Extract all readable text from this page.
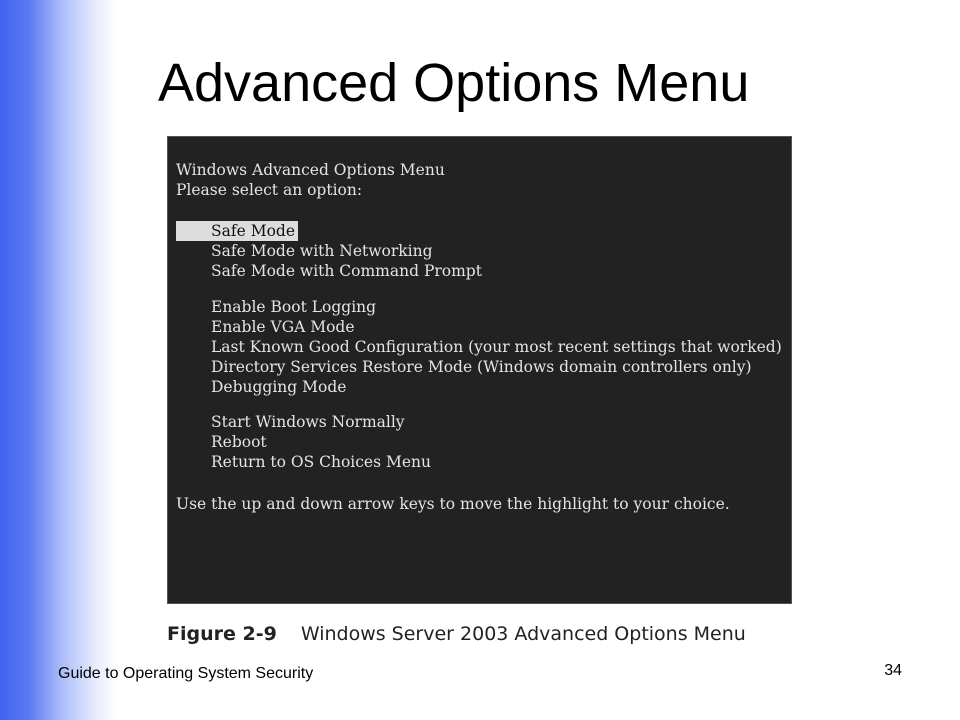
Advanced Options Menu
Windows Advanced Options Menu
Please select an option:
Safe Mode
Safe Mode with Networking
Safe Mode with Command Prompt
Enable Boot Logging
Enable VGA Mode
Last Known Good Configuration (your most recent settings that worked)
Directory Services Restore Mode (Windows domain controllers only)
Debugging Mode
Start Windows Normally
Reboot
Return to OS Choices Menu
Use the up and down arrow keys to move the highlight to your choice.
Figure 2-9 Windows Server 2003 Advanced Options Menu
Guide to Operating System Security	34
